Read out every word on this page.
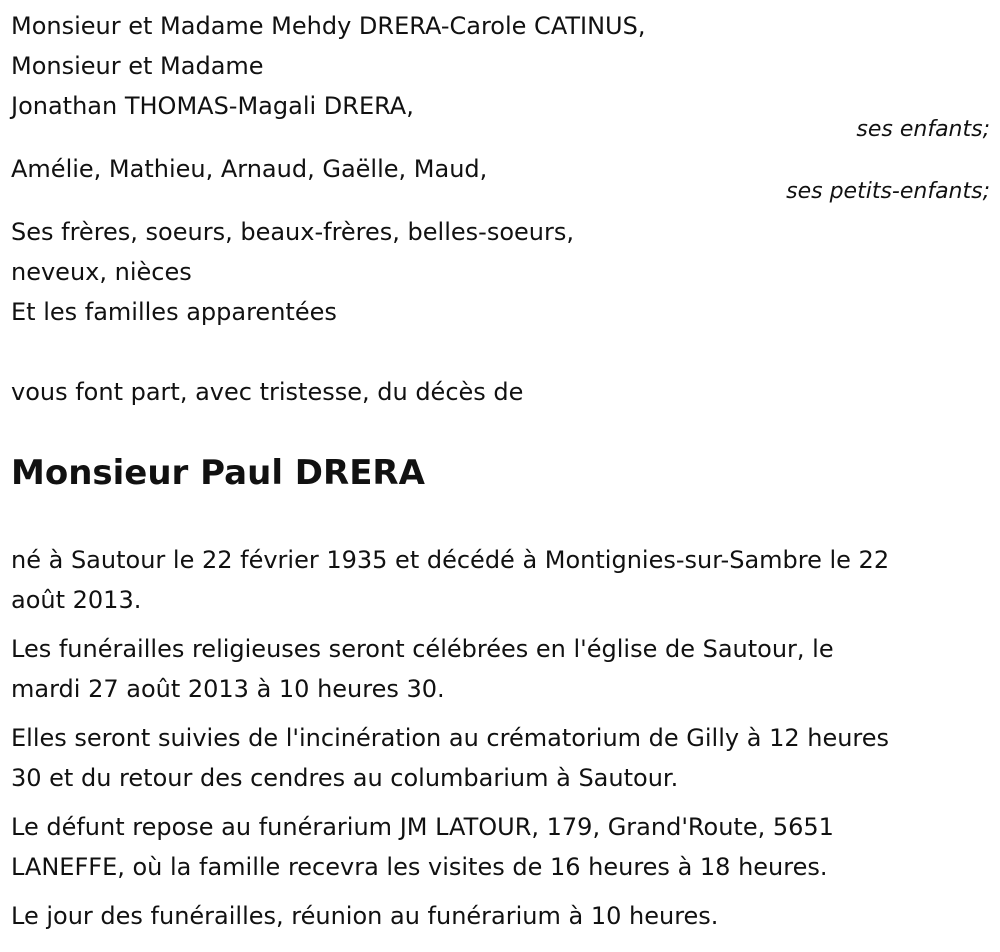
Monsieur et Madame Mehdy DRERA-Carole CATINUS,
Monsieur et Madame
Jonathan THOMAS-Magali DRERA,
ses enfants;
Amélie, Mathieu, Arnaud, Gaëlle, Maud,
ses petits-enfants;
Ses frères, soeurs, beaux-frères, belles-soeurs,
neveux, nièces
Et les familles apparentées
vous font part, avec tristesse, du décès de
Monsieur Paul DRERA
né à Sautour le 22 février 1935 et décédé à Montignies-sur-Sambre le 22
août 2013.
Les funérailles religieuses seront célébrées en l'église de Sautour, le
mardi 27 août 2013 à 10 heures 30.
Elles seront suivies de l'incinération au crématorium de Gilly à 12 heures
30 et du retour des cendres au columbarium à Sautour.
Le défunt repose au funérarium JM LATOUR, 179, Grand'Route, 5651
LANEFFE, où la famille recevra les visites de 16 heures à 18 heures.
Le jour des funérailles, réunion au funérarium à 10 heures.
